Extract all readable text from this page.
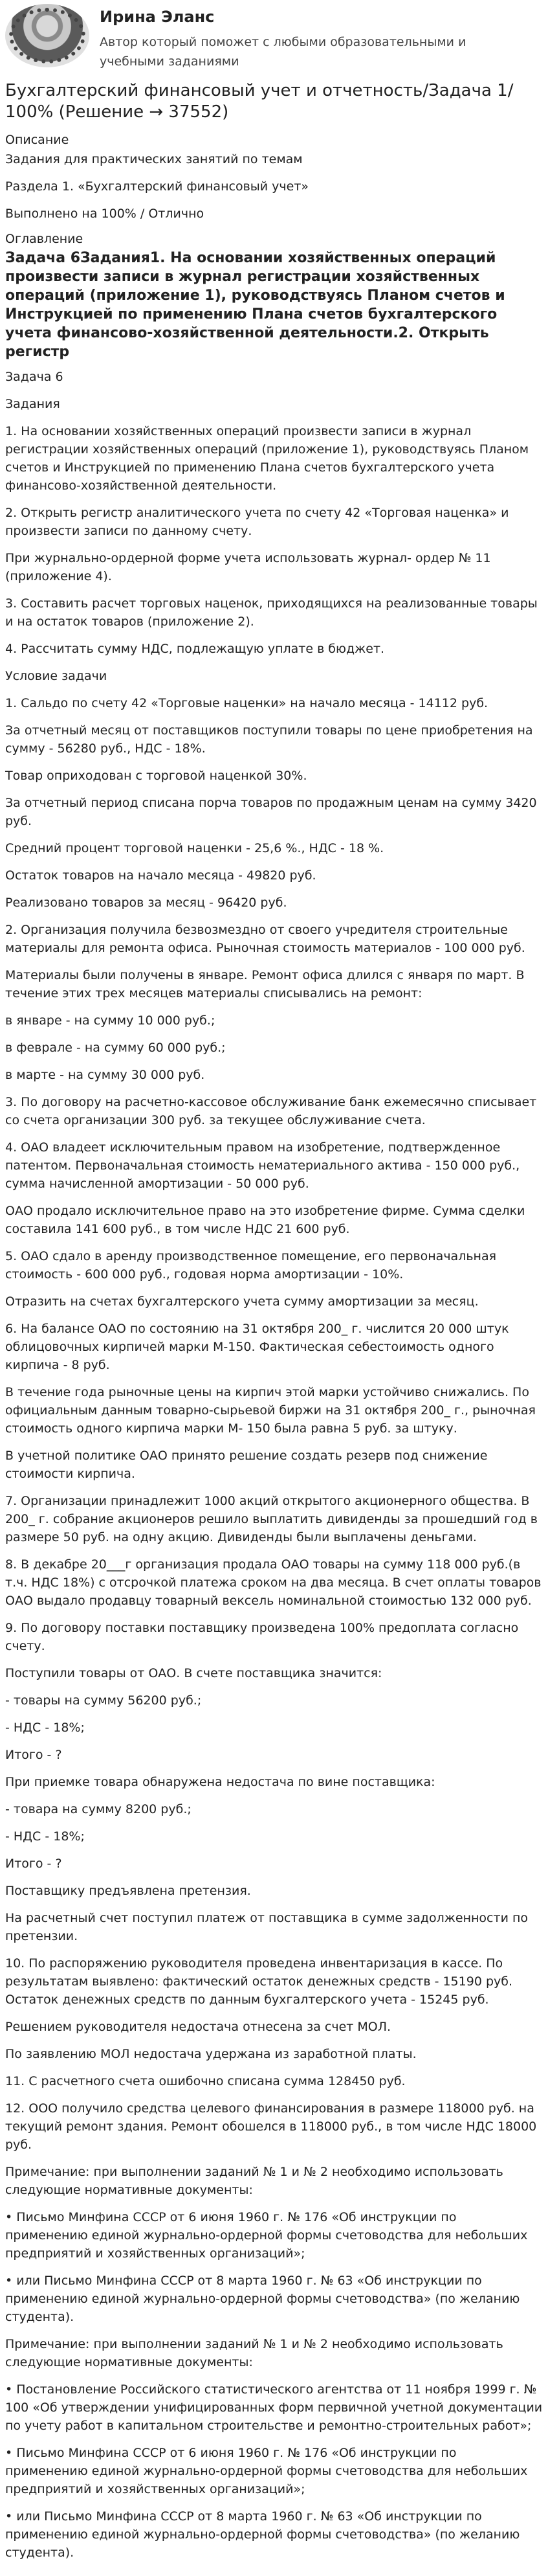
Ирина Эланс
Автор который поможет с любыми образовательными и учебными заданиями
Бухгалтерский финансовый учет и отчетность/Задача 1/ 100% (Решение → 37552)
Описание
Задания для практических занятий по темам
Раздела 1. «Бухгалтерский финансовый учет»
Выполнено на 100% / Отлично
Оглавление
Задача 6Задания1. На основании хозяйственных операций произвести записи в журнал регистрации хозяйственных операций (приложение 1), руководствуясь Планом счетов и Инструкцией по применению Плана счетов бухгалтерского учета финансово-хозяйственной деятельности.2. Открыть регистр
Задача 6
Задания
1. На основании хозяйственных операций произвести записи в журнал регистрации хозяйственных операций (приложение 1), руководствуясь Планом счетов и Инструкцией по применению Плана счетов бухгалтерского учета финансово-хозяйственной деятельности.
2. Открыть регистр аналитического учета по счету 42 «Торговая наценка» и произвести записи по данному счету.
При журнально-ордерной форме учета использовать журнал- ордер № 11 (приложение 4).
3. Составить расчет торговых наценок, приходящихся на реализованные товары и на остаток товаров (приложение 2).
4. Рассчитать сумму НДС, подлежащую уплате в бюджет.
Условие задачи
1. Сальдо по счету 42 «Торговые наценки» на начало месяца - 14112 руб.
За отчетный месяц от поставщиков поступили товары по цене приобретения на сумму - 56280 руб., НДС - 18%.
Товар оприходован с торговой наценкой 30%.
За отчетный период списана порча товаров по продажным ценам на сумму 3420 руб.
Средний процент торговой наценки - 25,6 %., НДС - 18 %.
Остаток товаров на начало месяца - 49820 руб.
Реализовано товаров за месяц - 96420 руб.
2. Организация получила безвозмездно от своего учредителя строительные материалы для ремонта офиса. Рыночная стоимость материалов - 100 000 руб.
Материалы были получены в январе. Ремонт офиса длился с января по март. В течение этих трех месяцев материалы списывались на ремонт:
в январе - на сумму 10 000 руб.;
в феврале - на сумму 60 000 руб.;
в марте - на сумму 30 000 руб.
3. По договору на расчетно-кассовое обслуживание банк ежемесячно списывает со счета организации 300 руб. за текущее обслуживание счета.
4. ОАО владеет исключительным правом на изобретение, подтвержденное патентом. Первоначальная стоимость нематериального актива - 150 000 руб., сумма начисленной амортизации - 50 000 руб.
ОАО продало исключительное право на это изобретение фирме. Сумма сделки составила 141 600 руб., в том числе НДС 21 600 руб.
5. ОАО сдало в аренду производственное помещение, его первоначальная стоимость - 600 000 руб., годовая норма амортизации - 10%.
Отразить на счетах бухгалтерского учета сумму амортизации за месяц.
6. На балансе ОАО по состоянию на 31 октября 200_ г. числится 20 000 штук облицовочных кирпичей марки М-150. Фактическая себестоимость одного кирпича - 8 руб.
В течение года рыночные цены на кирпич этой марки устойчиво снижались. По официальным данным товарно-сырьевой биржи на 31 октября 200_ г., рыночная стоимость одного кирпича марки М- 150 была равна 5 руб. за штуку.
В учетной политике ОАО принято решение создать резерв под снижение стоимости кирпича.
7. Организации принадлежит 1000 акций открытого акционерного общества. В 200_ г. собрание акционеров решило выплатить дивиденды за прошедший год в размере 50 руб. на одну акцию. Дивиденды были выплачены деньгами.
8. В декабре 20___г организация продала ОАО товары на сумму 118 000 руб.(в т.ч. НДС 18%) с отсрочкой платежа сроком на два месяца. В счет оплаты товаров ОАО выдало продавцу товарный вексель номинальной стоимостью 132 000 руб.
9. По договору поставки поставщику произведена 100% предоплата согласно счету.
Поступили товары от ОАО. В счете поставщика значится:
- товары на сумму 56200 руб.;
- НДС - 18%;
Итого - ?
При приемке товара обнаружена недостача по вине поставщика:
- товара на сумму 8200 руб.;
- НДС - 18%;
Итого - ?
Поставщику предъявлена претензия.
На расчетный счет поступил платеж от поставщика в сумме задолженности по претензии.
10. По распоряжению руководителя проведена инвентаризация в кассе. По результатам выявлено: фактический остаток денежных средств - 15190 руб. Остаток денежных средств по данным бухгалтерского учета - 15245 руб.
Решением руководителя недостача отнесена за счет МОЛ.
По заявлению МОЛ недостача удержана из заработной платы.
11. С расчетного счета ошибочно списана сумма 128450 руб.
12. ООО получило средства целевого финансирования в размере 118000 руб. на текущий ремонт здания. Ремонт обошелся в 118000 руб., в том числе НДС 18000 руб.
Примечание: при выполнении заданий № 1 и № 2 необходимо использовать следующие нормативные документы:
• Письмо Минфина СССР от 6 июня 1960 г. № 176 «Об инструкции по применению единой журнально-ордерной формы счетоводства для небольших предприятий и хозяйственных организаций»;
• или Письмо Минфина СССР от 8 марта 1960 г. № 63 «Об инструкции по применению единой журнально-ордерной формы счетоводства» (по желанию студента).
Примечание: при выполнении заданий № 1 и № 2 необходимо использовать следующие нормативные документы:
• Постановление Российского статистического агентства от 11 ноября 1999 г. № 100 «Об утверждении унифицированных форм первичной учетной документации по учету работ в капитальном строительстве и ремонтно-строительных работ»;
• Письмо Минфина СССР от 6 июня 1960 г. № 176 «Об инструкции по применению единой журнально-ордерной формы счетоводства для небольших предприятий и хозяйственных организаций»;
• или Письмо Минфина СССР от 8 марта 1960 г. № 63 «Об инструкции по применению единой журнально-ордерной формы счетоводства» (по желанию студента).
